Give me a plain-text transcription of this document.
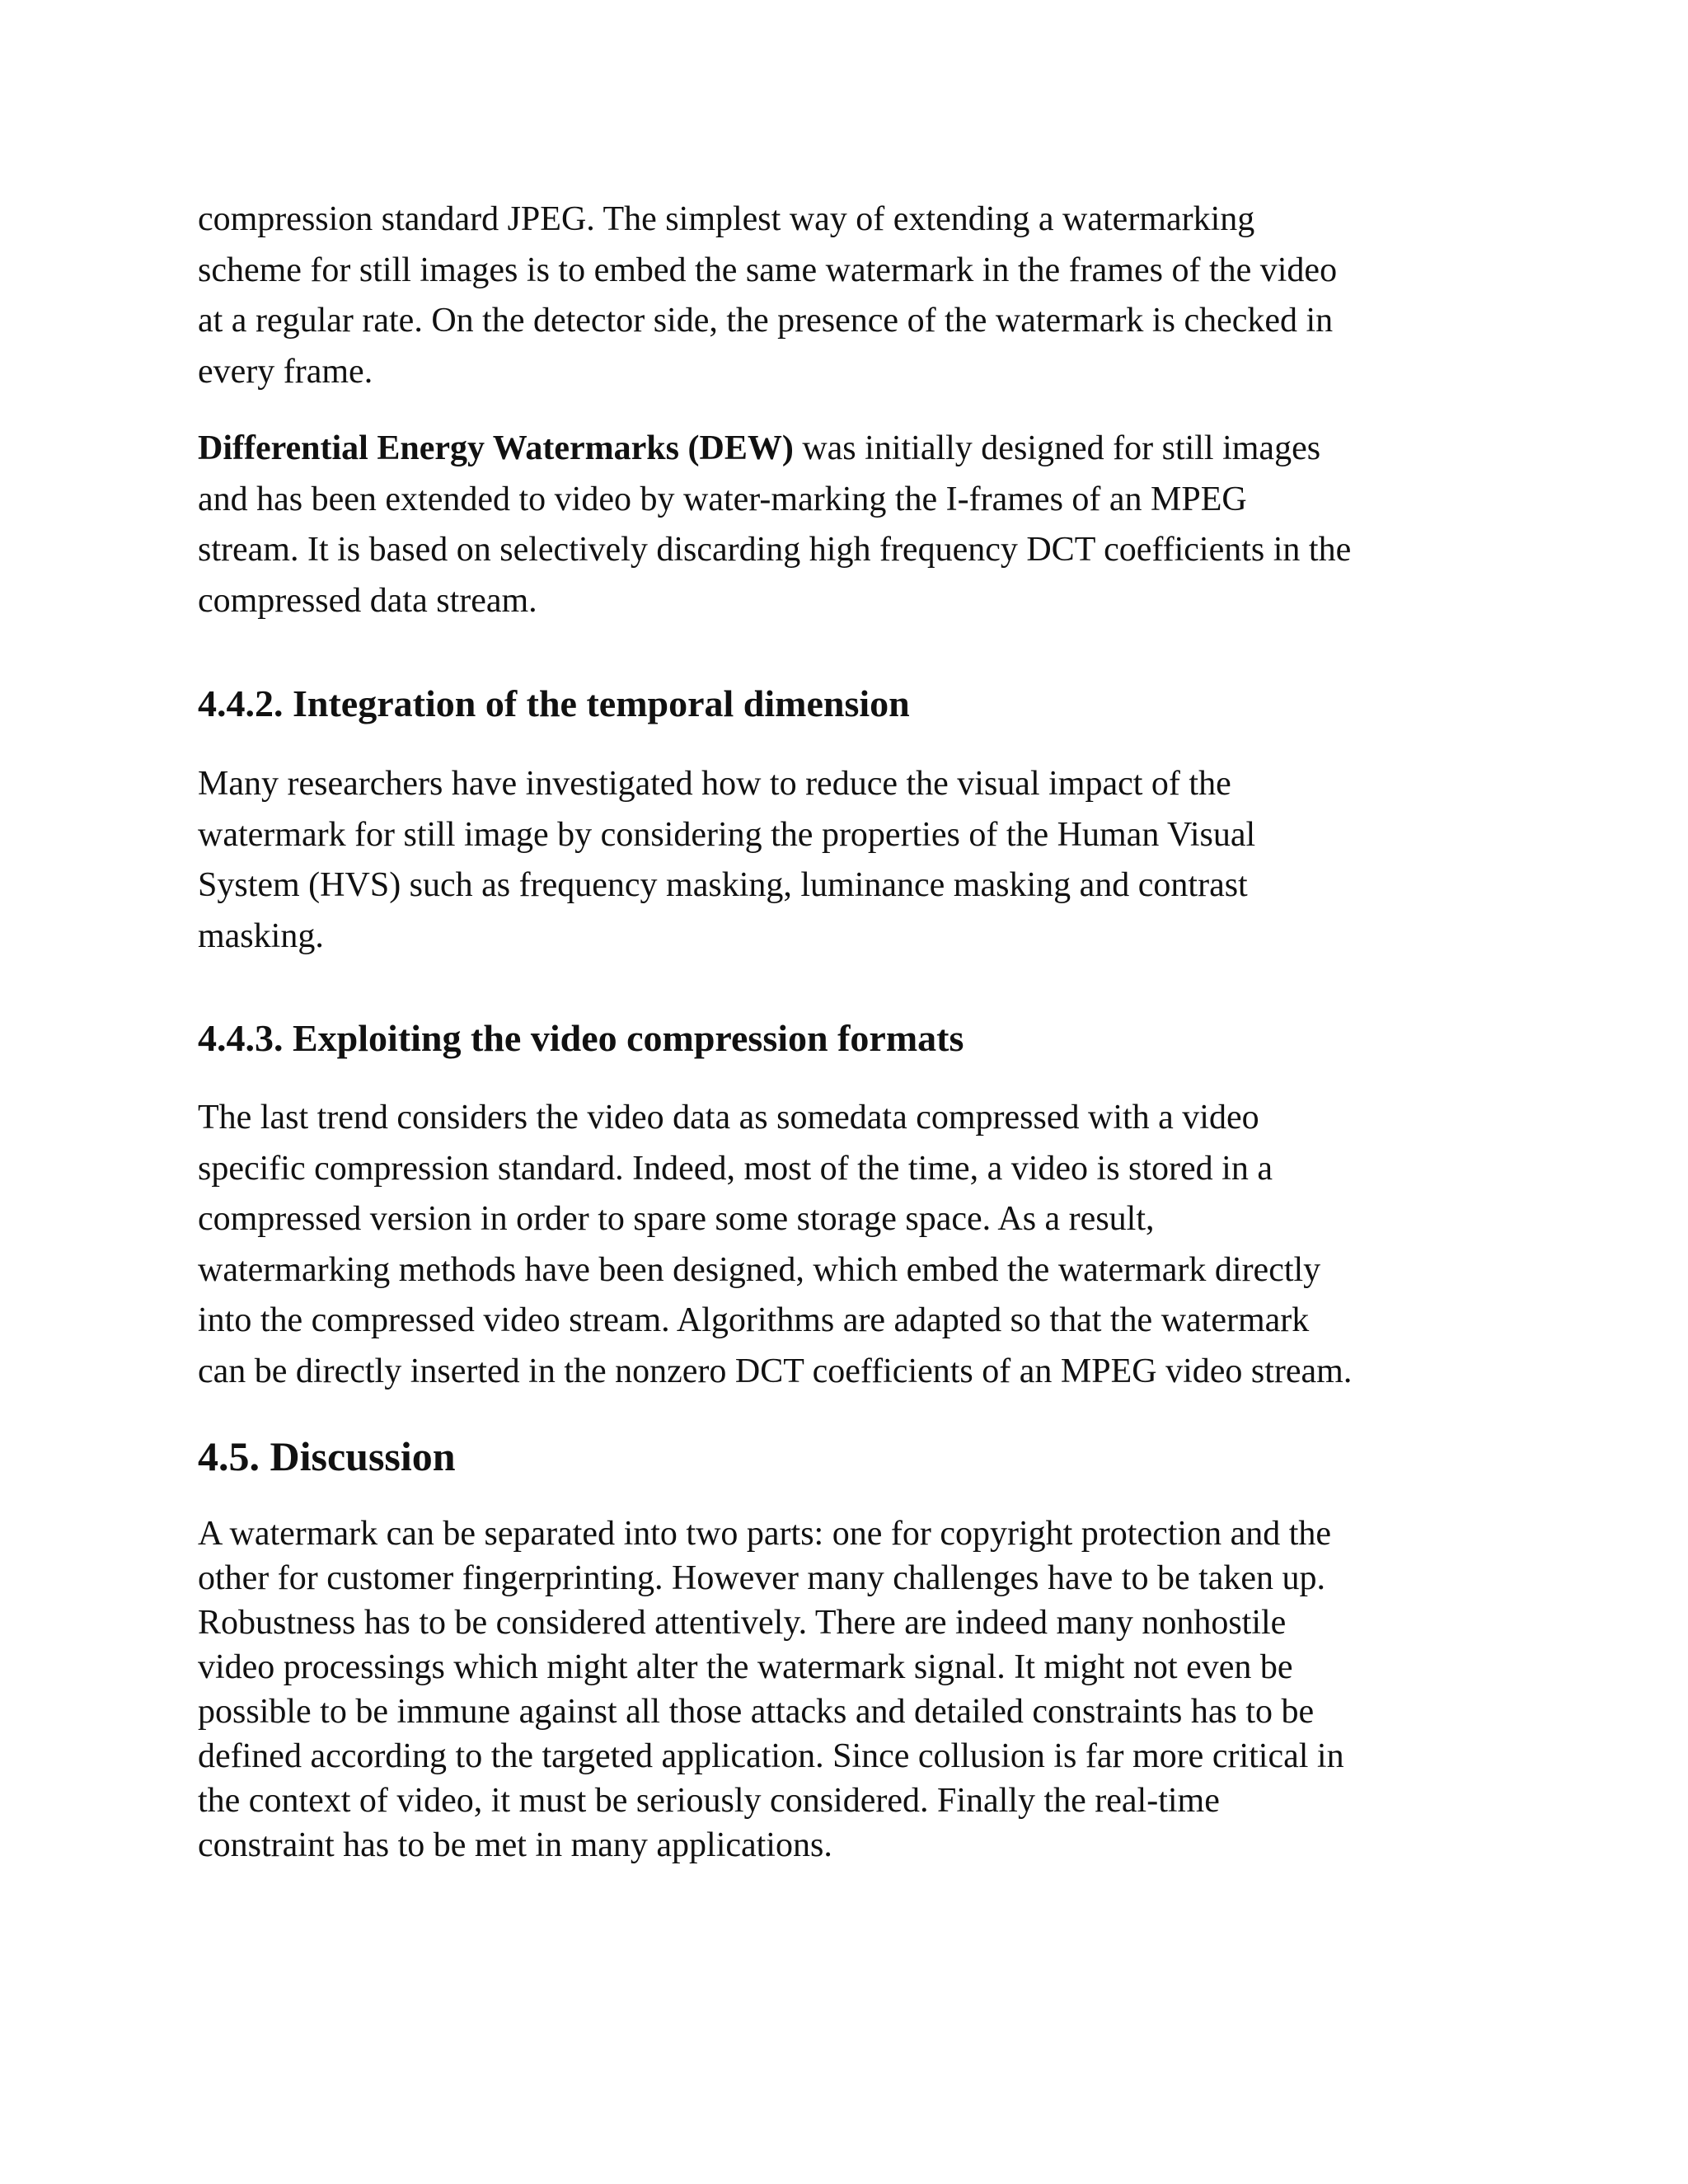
compression standard JPEG. The simplest way of extending a watermarking
scheme for still images is to embed the same watermark in the frames of the video
at a regular rate. On the detector side, the presence of the watermark is checked in
every frame.

Differential Energy Watermarks (DEW) was initially designed for still images
and has been extended to video by water-marking the I-frames of an MPEG
stream. It is based on selectively discarding high frequency DCT coefficients in the
compressed data stream.

4.4.2. Integration of the temporal dimension

Many researchers have investigated how to reduce the visual impact of the
watermark for still image by considering the properties of the Human Visual
System (HVS) such as frequency masking, luminance masking and contrast
masking.

4.4.3. Exploiting the video compression formats

The last trend considers the video data as somedata compressed with a video
specific compression standard. Indeed, most of the time, a video is stored in a
compressed version in order to spare some storage space. As a result,
watermarking methods have been designed, which embed the watermark directly
into the compressed video stream. Algorithms are adapted so that the watermark
can be directly inserted in the nonzero DCT coefficients of an MPEG video stream.

4.5. Discussion

A watermark can be separated into two parts: one for copyright protection and the
other for customer fingerprinting. However many challenges have to be taken up.
Robustness has to be considered attentively. There are indeed many nonhostile
video processings which might alter the watermark signal. It might not even be
possible to be immune against all those attacks and detailed constraints has to be
defined according to the targeted application. Since collusion is far more critical in
the context of video, it must be seriously considered. Finally the real-time
constraint has to be met in many applications.
